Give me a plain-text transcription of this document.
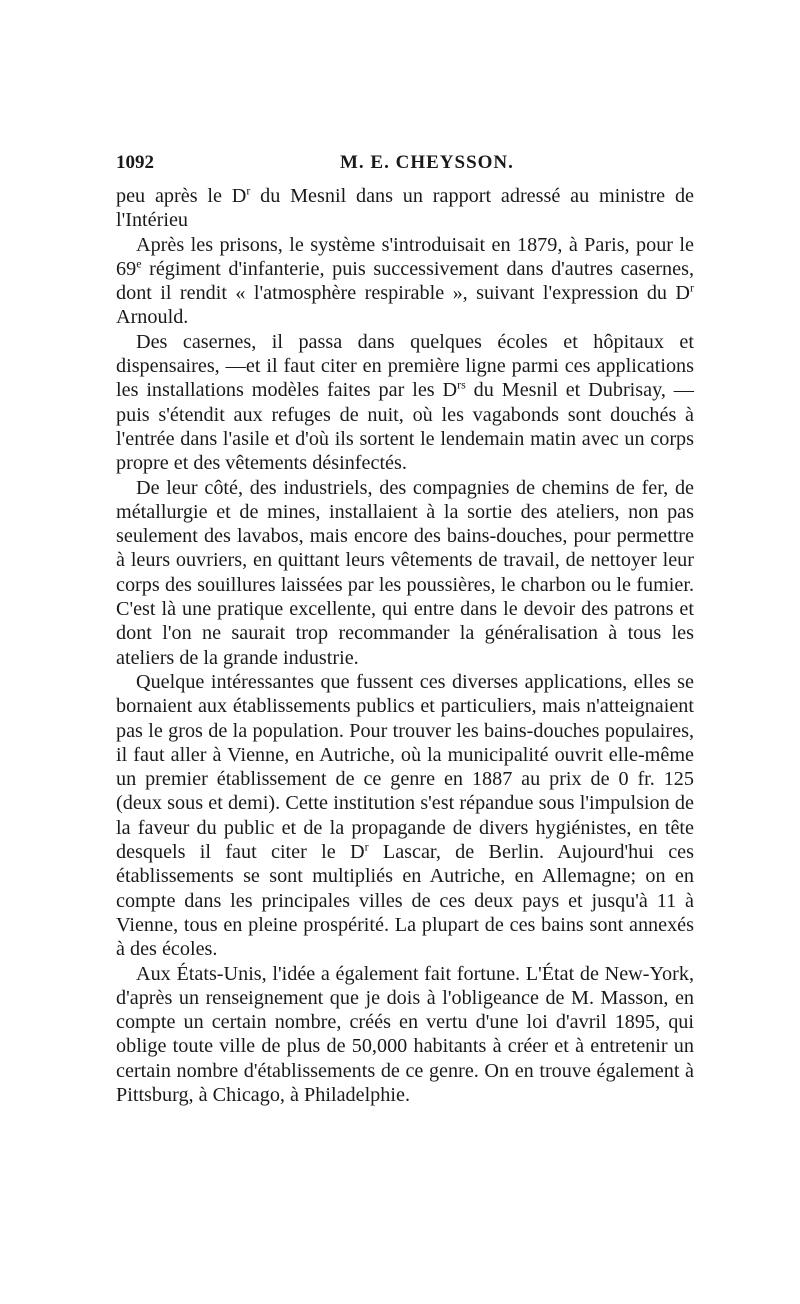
1092	M. E. CHEYSSON.

peu après le $D^r$ du Mesnil dans un rapport adressé au ministre de l'Intérieu

Après les prisons, le système s'introduisait en 1879, à Paris, pour le 69e régiment d'infanterie, puis successivement dans d'autres casernes, dont il rendit « l'atmosphère respirable », suivant l'expression du $D^r$ Arnould.

Des casernes, il passa dans quelques écoles et hôpitaux et dispensaires, —et il faut citer en première ligne parmi ces applications les installations modèles faites par les $D^{rs}$ du Mesnil et Dubrisay, — puis s'étendit aux refuges de nuit, où les vagabonds sont douchés à l'entrée dans l'asile et d'où ils sortent le lendemain matin avec un corps propre et des vêtements désinfectés.

De leur côté, des industriels, des compagnies de chemins de fer, de métallurgie et de mines, installaient à la sortie des ateliers, non pas seulement des lavabos, mais encore des bains-douches, pour permettre à leurs ouvriers, en quittant leurs vêtements de travail, de nettoyer leur corps des souillures laissées par les poussières, le charbon ou le fumier. C'est là une pratique excellente, qui entre dans le devoir des patrons et dont l'on ne saurait trop recommander la généralisation à tous les ateliers de la grande industrie.

Quelque intéressantes que fussent ces diverses applications, elles se bornaient aux établissements publics et particuliers, mais n'atteignaient pas le gros de la population. Pour trouver les bains-douches populaires, il faut aller à Vienne, en Autriche, où la municipalité ouvrit elle-même un premier établissement de ce genre en 1887 au prix de 0 fr. 125 (deux sous et demi). Cette institution s'est répandue sous l'impulsion de la faveur du public et de la propagande de divers hygiénistes, en tête desquels il faut citer le $D^r$ Lascar, de Berlin. Aujourd'hui ces établissements se sont multipliés en Autriche, en Allemagne; on en compte dans les principales villes de ces deux pays et jusqu'à 11 à Vienne, tous en pleine prospérité. La plupart de ces bains sont annexés à des écoles.

Aux États-Unis, l'idée a également fait fortune. L'État de New-York, d'après un renseignement que je dois à l'obligeance de M. Masson, en compte un certain nombre, créés en vertu d'une loi d'avril 1895, qui oblige toute ville de plus de 50,000 habitants à créer et à entretenir un certain nombre d'établissements de ce genre. On en trouve également à Pittsburg, à Chicago, à Philadelphie.
